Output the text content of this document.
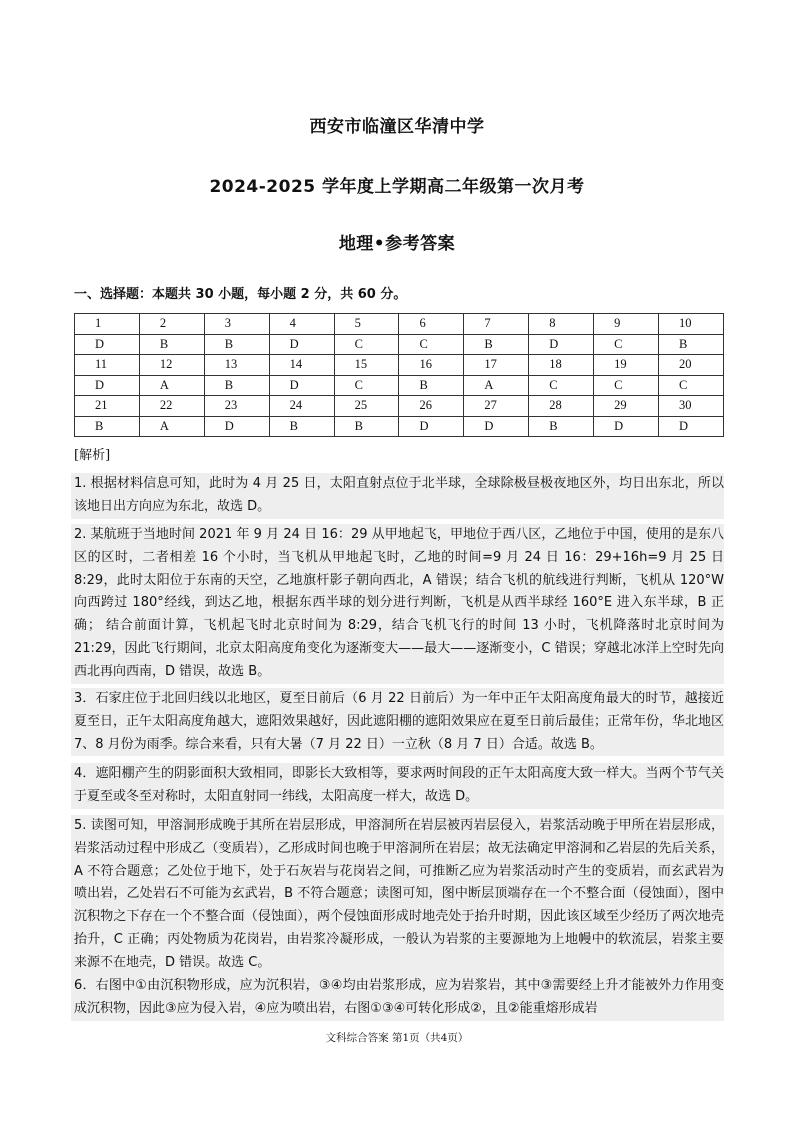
西安市临潼区华清中学
2024-2025 学年度上学期高二年级第一次月考
地理•参考答案
一、选择题：本题共 30 小题，每小题 2 分，共 60 分。
1	2	3	4	5	6	7	8	9	10
D	B	B	D	C	C	B	D	C	B
11	12	13	14	15	16	17	18	19	20
D	A	B	D	C	B	A	C	C	C
21	22	23	24	25	26	27	28	29	30
B	A	D	B	B	D	D	B	D	D
[解析]
1. 根据材料信息可知，此时为 4 月 25 日，太阳直射点位于北半球，全球除极昼极夜地区外，均日出东北，所以该地日出方向应为东北，故选 D。
2. 某航班于当地时间 2021 年 9 月 24 日 16：29 从甲地起飞，甲地位于西八区，乙地位于中国，使用的是东八区的区时，二者相差 16 个小时，当飞机从甲地起飞时，乙地的时间=9 月 24 日 16：29+16h=9 月 25 日 8:29，此时太阳位于东南的天空，乙地旗杆影子朝向西北，A 错误；结合飞机的航线进行判断，飞机从 120°W 向西跨过 180°经线，到达乙地，根据东西半球的划分进行判断，飞机是从西半球经 160°E 进入东半球，B 正确； 结合前面计算，飞机起飞时北京时间为 8:29，结合飞机飞行的时间 13 小时，飞机降落时北京时间为 21:29，因此飞行期间，北京太阳高度角变化为逐渐变大——最大——逐渐变小，C 错误；穿越北冰洋上空时先向西北再向西南，D 错误，故选 B。
3．石家庄位于北回归线以北地区，夏至日前后（6 月 22 日前后）为一年中正午太阳高度角最大的时节，越接近夏至日，正午太阳高度角越大，遮阳效果越好，因此遮阳棚的遮阳效果应在夏至日前后最佳；正常年份，华北地区 7、8 月份为雨季。综合来看，只有大暑（7 月 22 日）一立秋（8 月 7 日）合适。故选 B。
4．遮阳棚产生的阴影面积大致相同，即影长大致相等，要求两时间段的正午太阳高度大致一样大。当两个节气关于夏至或冬至对称时，太阳直射同一纬线，太阳高度一样大，故选 D。
5. 读图可知，甲溶洞形成晚于其所在岩层形成，甲溶洞所在岩层被丙岩层侵入，岩浆活动晚于甲所在岩层形成，岩浆活动过程中形成乙（变质岩），乙形成时间也晚于甲溶洞所在岩层；故无法确定甲溶洞和乙岩层的先后关系，A 不符合题意；乙处位于地下，处于石灰岩与花岗岩之间，可推断乙应为岩浆活动时产生的变质岩，而玄武岩为喷出岩，乙处岩石不可能为玄武岩，B 不符合题意；读图可知，图中断层顶端存在一个不整合面（侵蚀面），图中沉积物之下存在一个不整合面（侵蚀面），两个侵蚀面形成时地壳处于抬升时期，因此该区域至少经历了两次地壳抬升，C 正确；丙处物质为花岗岩，由岩浆冷凝形成，一般认为岩浆的主要源地为上地幔中的软流层，岩浆主要来源不在地壳，D 错误。故选 C。
6．右图中①由沉积物形成，应为沉积岩，③④均由岩浆形成，应为岩浆岩，其中③需要经上升才能被外力作用变成沉积物，因此③应为侵入岩，④应为喷出岩，右图①③④可转化形成②，且②能重熔形成岩
文科综合答案 第1页（共4页）
